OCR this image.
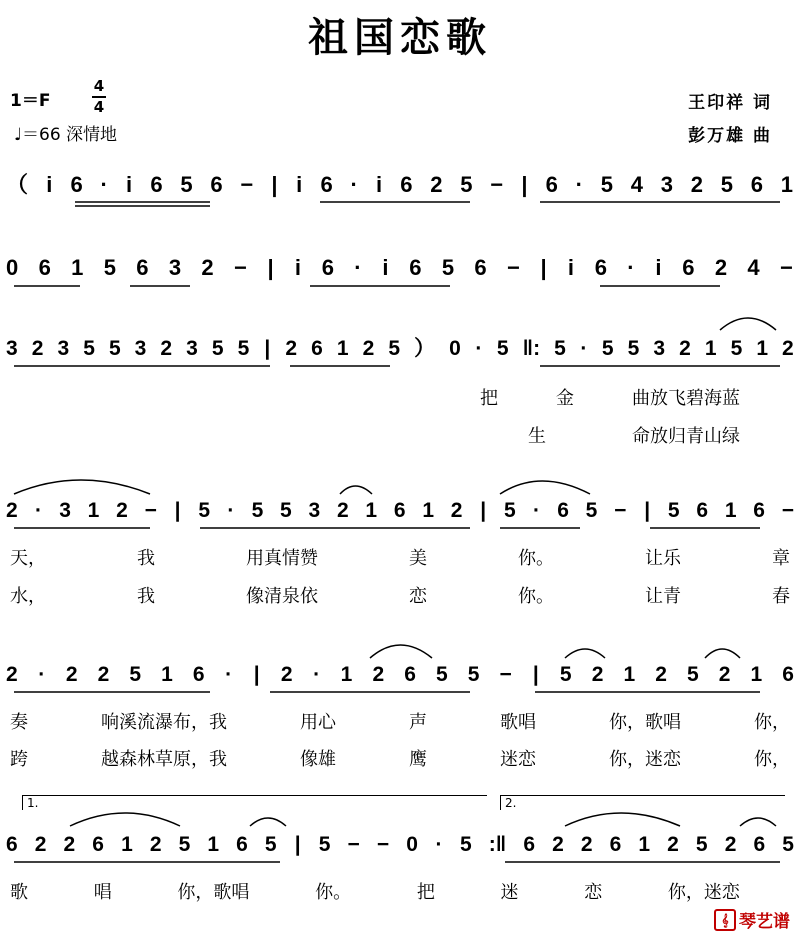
祖国恋歌
1＝F
4
4
♩＝66 深情地
王印祥 词
彭万雄 曲
（ i 6 · i 6 5 6 − | i 6 · i 6 2 5 − | 6 · 5 4 3 2 5 6 1
0 6 1 5 6 3 2 − | i 6 · i 6 5 6 − | i 6 · i 6 2 4 −
3 2 3 5 5 3 2 3 5 5 | 2 6 1 2 5 ） 0 · 5 ‖: 5 · 5 5 3 2 1 5 1 2
把	金	曲放飞碧海蓝
生	命放归青山绿
2 · 3 1 2 − | 5 · 5 5 3 2 1 6 1 2 | 5 · 6 5 − | 5 6 1 6 −
天，	我	用真情赞	美	你。	让乐	章
水，	我	像清泉依	恋	你。	让青	春
2 · 2 2 5 1 6 · | 2 · 1 2 6 5 5 − | 5 2 1 2 5 2 1 6
奏	响溪流瀑布，我	用心	声	歌唱	你，歌唱	你，
跨	越森林草原，我	像雄	鹰	迷恋	你，迷恋	你，
1.	2.
6 2 2 6 1 2 5 1 6 5 | 5 − − 0 · 5 :‖ 6 2 2 6 1 2 5 2 6 5
歌	唱	你，歌唱	你。	把	迷	恋	你，迷恋
𝄞 琴艺谱
